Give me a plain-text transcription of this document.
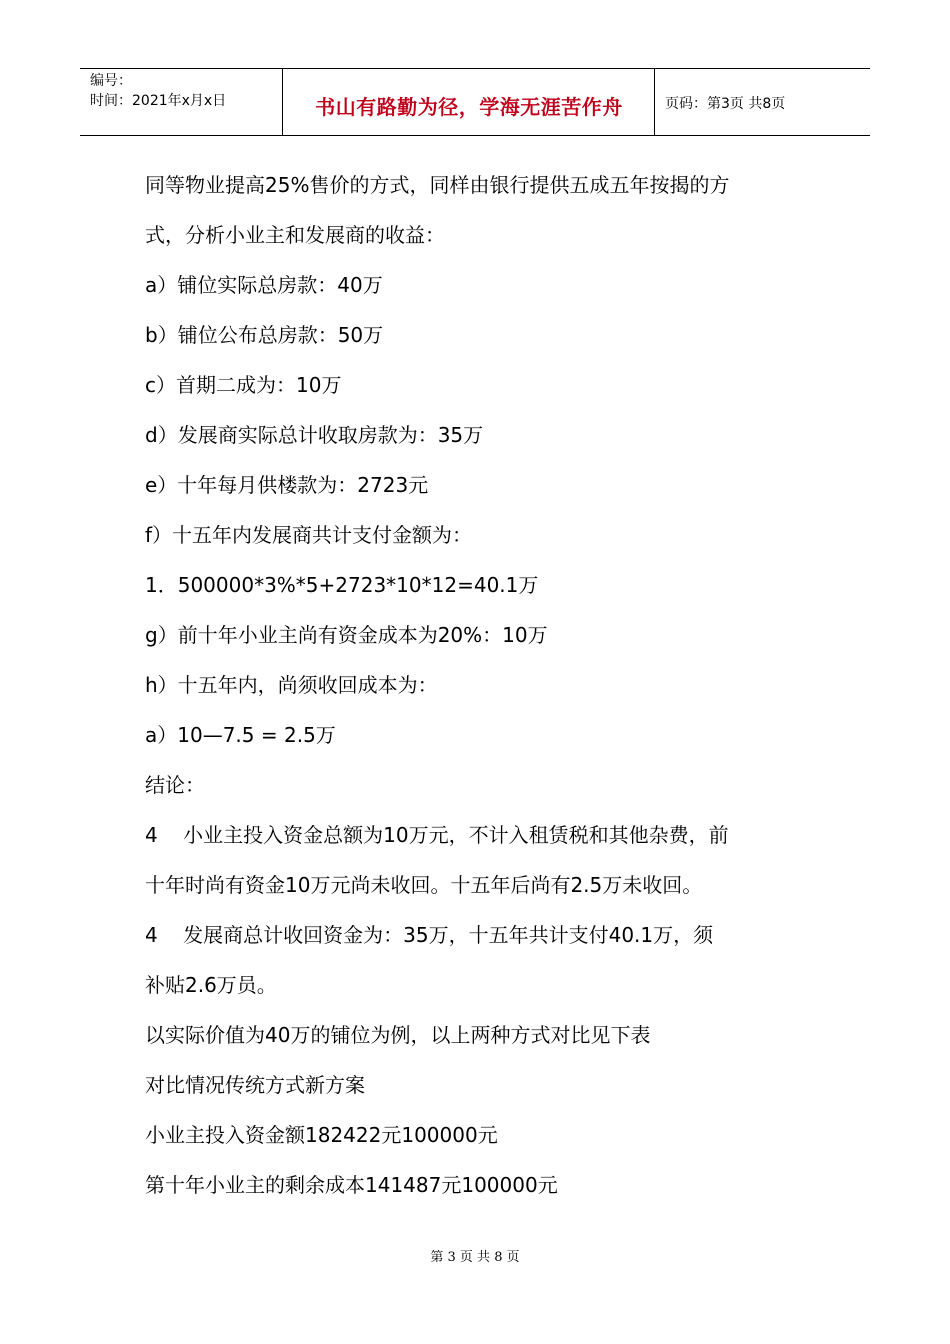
编号：
时间：2021年x月x日	书山有路勤为径，学海无涯苦作舟	页码：第3页 共8页
同等物业提高25%售价的方式，同样由银行提供五成五年按揭的方
式，分析小业主和发展商的收益：
a）铺位实际总房款：40万
b）铺位公布总房款：50万
c）首期二成为：10万
d）发展商实际总计收取房款为：35万
e）十年每月供楼款为：2723元
f）十五年内发展商共计支付金额为：
1．500000*3%*5+2723*10*12=40.1万
g）前十年小业主尚有资金成本为20%：10万
h）十五年内，尚须收回成本为：
a）10—7.5 = 2.5万
结论：
4    小业主投入资金总额为10万元，不计入租赁税和其他杂费，前
十年时尚有资金10万元尚未收回。十五年后尚有2.5万未收回。
4    发展商总计收回资金为：35万，十五年共计支付40.1万，须
补贴2.6万员。
以实际价值为40万的铺位为例，以上两种方式对比见下表
对比情况传统方式新方案
小业主投入资金额182422元100000元
第十年小业主的剩余成本141487元100000元
第 3 页 共 8 页
